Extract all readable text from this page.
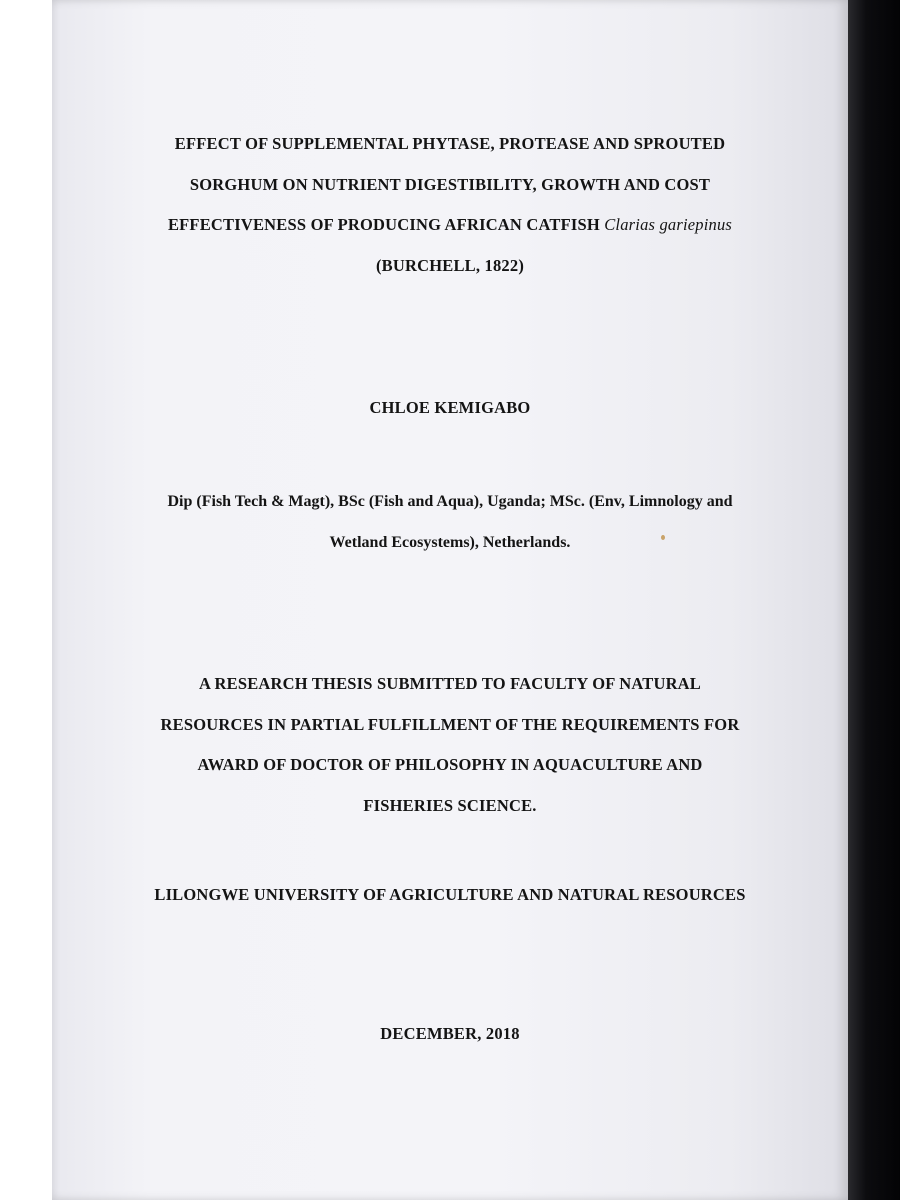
EFFECT OF SUPPLEMENTAL PHYTASE, PROTEASE AND SPROUTED
SORGHUM ON NUTRIENT DIGESTIBILITY, GROWTH AND COST
EFFECTIVENESS OF PRODUCING AFRICAN CATFISH Clarias gariepinus
(BURCHELL, 1822)
CHLOE KEMIGABO
Dip (Fish Tech & Magt), BSc (Fish and Aqua), Uganda; MSc. (Env, Limnology and
Wetland Ecosystems), Netherlands.
A RESEARCH THESIS SUBMITTED TO FACULTY OF NATURAL
RESOURCES IN PARTIAL FULFILLMENT OF THE REQUIREMENTS FOR
AWARD OF DOCTOR OF PHILOSOPHY IN AQUACULTURE AND
FISHERIES SCIENCE.
LILONGWE UNIVERSITY OF AGRICULTURE AND NATURAL RESOURCES
DECEMBER, 2018
